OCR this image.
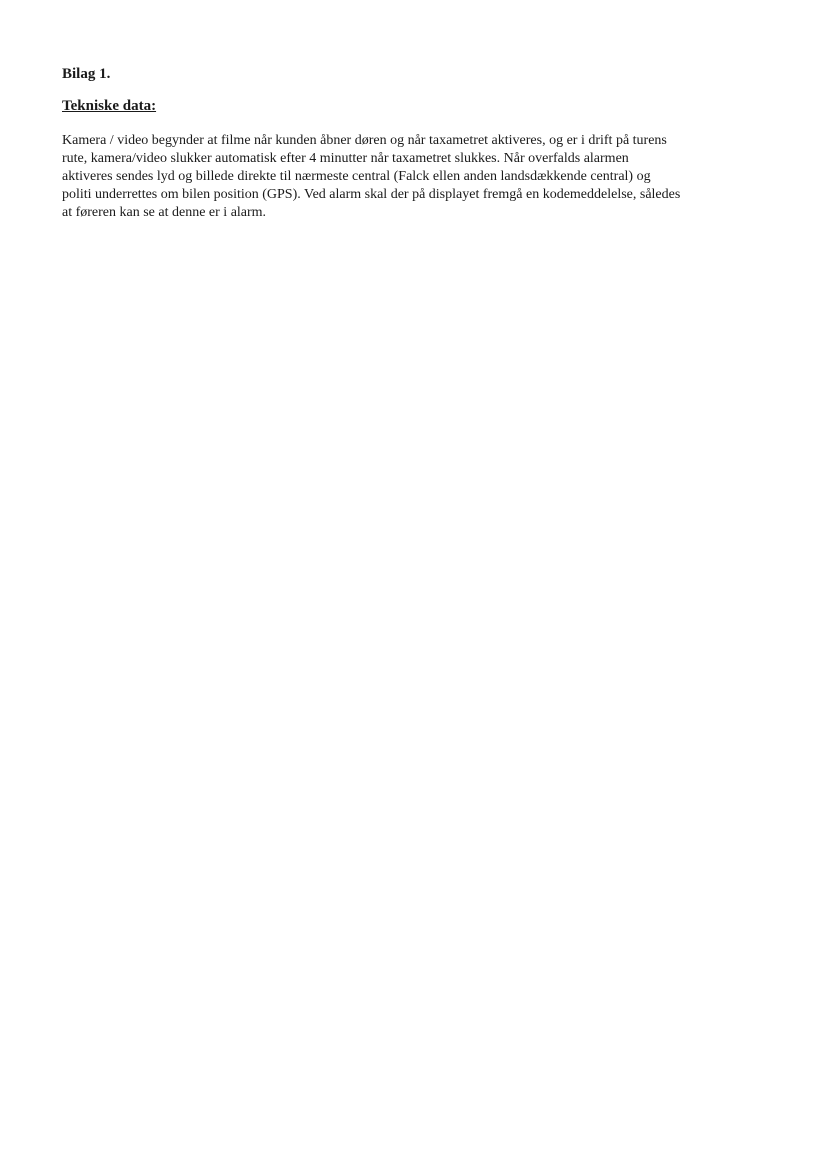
Bilag 1.

Tekniske data:

Kamera / video begynder at filme når kunden åbner døren og når taxametret aktiveres, og er i drift på turens
rute, kamera/video slukker automatisk efter 4 minutter når taxametret slukkes. Når overfalds alarmen
aktiveres sendes lyd og billede direkte til nærmeste central (Falck ellen anden landsdækkende central) og
politi underrettes om bilen position (GPS). Ved alarm skal der på displayet fremgå en kodemeddelelse, således
at føreren kan se at denne er i alarm.
